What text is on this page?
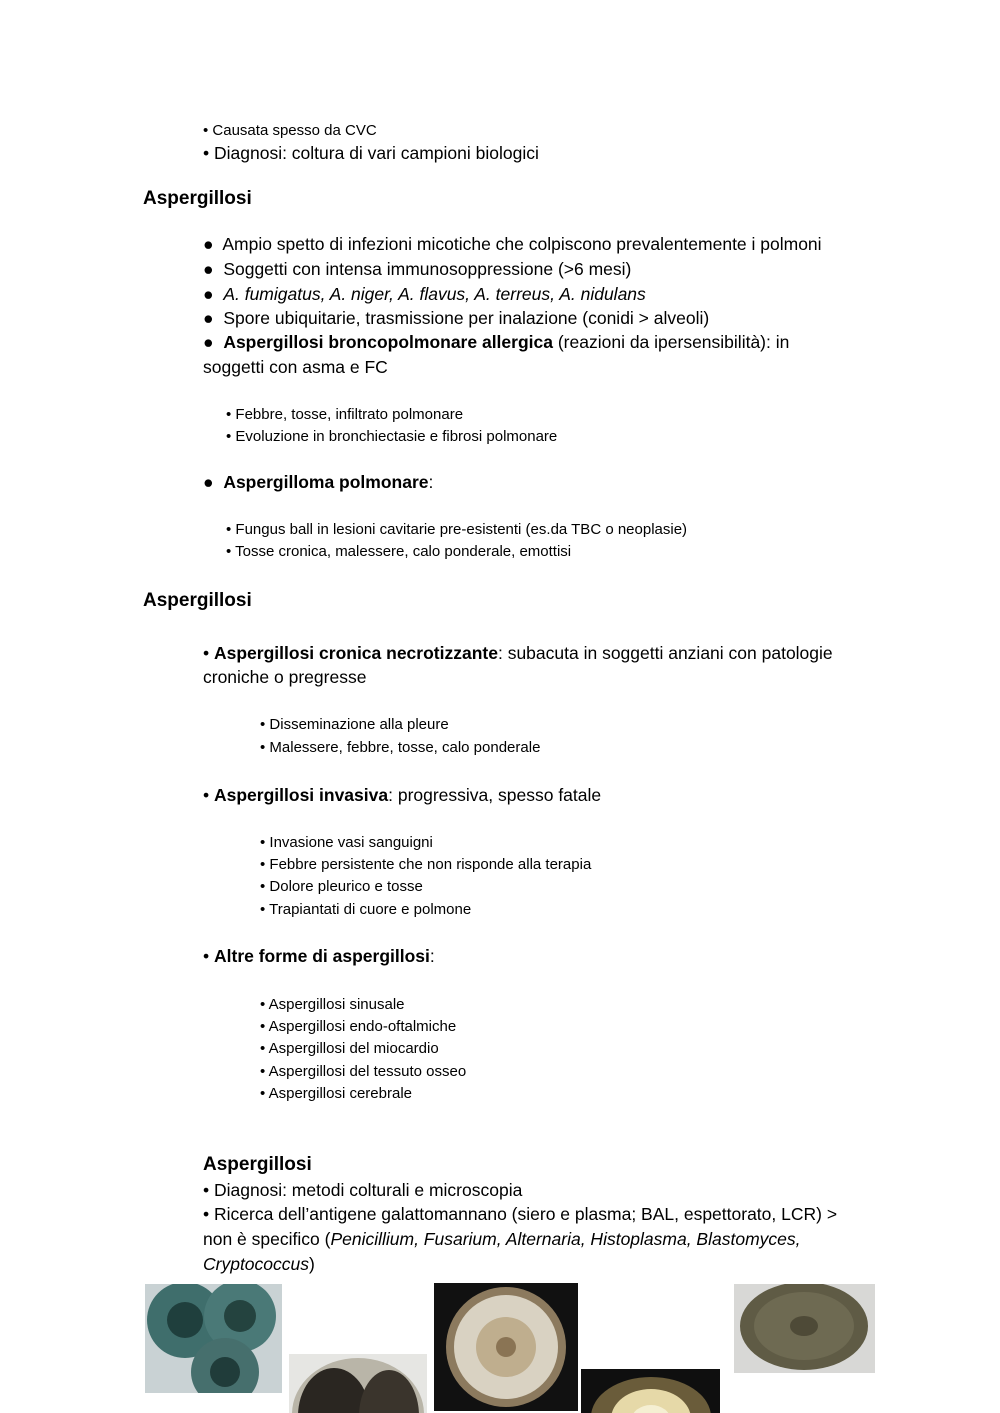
• Causata spesso da CVC
• Diagnosi: coltura di vari campioni biologici
Aspergillosi
● Ampio spetto di infezioni micotiche che colpiscono prevalentemente i polmoni
● Soggetti con intensa immunosoppressione (>6 mesi)
● A. fumigatus, A. niger, A. flavus, A. terreus, A. nidulans
● Spore ubiquitarie, trasmissione per inalazione (conidi > alveoli)
● Aspergillosi broncopolmonare allergica (reazioni da ipersensibilità): in
soggetti con asma e FC
• Febbre, tosse, infiltrato polmonare
• Evoluzione in bronchiectasie e fibrosi polmonare
● Aspergilloma polmonare:
• Fungus ball in lesioni cavitarie pre-esistenti (es.da TBC o neoplasie)
• Tosse cronica, malessere, calo ponderale, emottisi
Aspergillosi
• Aspergillosi cronica necrotizzante: subacuta in soggetti anziani con patologie
croniche o pregresse
• Disseminazione alla pleure
• Malessere, febbre, tosse, calo ponderale
• Aspergillosi invasiva: progressiva, spesso fatale
• Invasione vasi sanguigni
• Febbre persistente che non risponde alla terapia
• Dolore pleurico e tosse
• Trapiantati di cuore e polmone
• Altre forme di aspergillosi:
• Aspergillosi sinusale
• Aspergillosi endo-oftalmiche
• Aspergillosi del miocardio
• Aspergillosi del tessuto osseo
• Aspergillosi cerebrale
Aspergillosi
• Diagnosi: metodi colturali e microscopia
• Ricerca dell’antigene galattomannano (siero e plasma; BAL, espettorato, LCR) >
non è specifico (Penicillium, Fusarium, Alternaria, Histoplasma, Blastomyces,
Cryptococcus)
